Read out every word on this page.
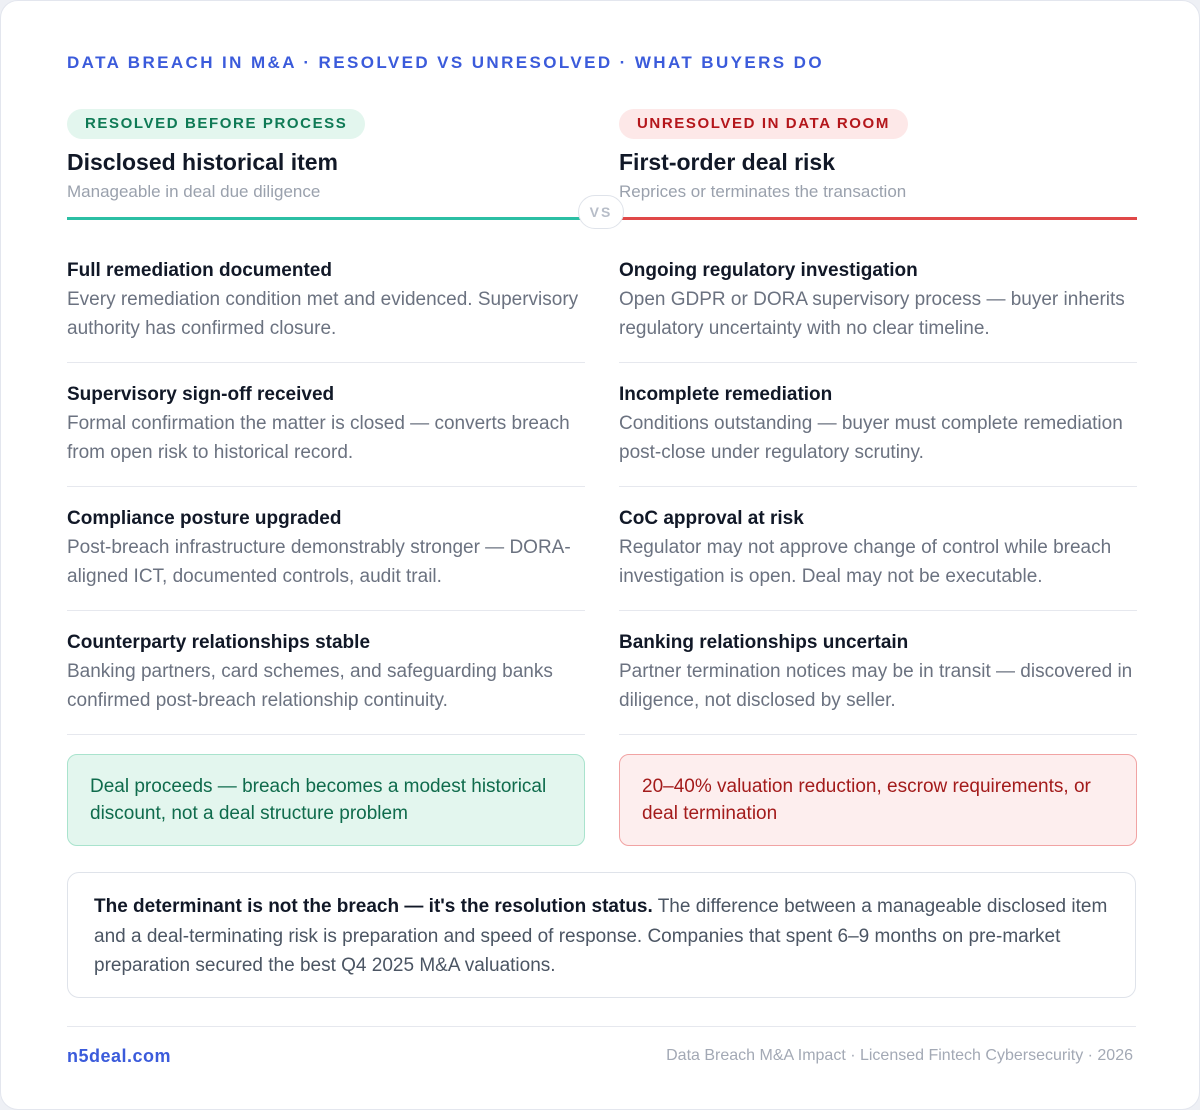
DATA BREACH IN M&A · RESOLVED VS UNRESOLVED · WHAT BUYERS DO
RESOLVED BEFORE PROCESS
Disclosed historical item
Manageable in deal due diligence
UNRESOLVED IN DATA ROOM
First-order deal risk
Reprices or terminates the transaction
VS
Full remediation documented
Every remediation condition met and evidenced. Supervisory authority has confirmed closure.
Supervisory sign-off received
Formal confirmation the matter is closed — converts breach from open risk to historical record.
Compliance posture upgraded
Post-breach infrastructure demonstrably stronger — DORA-aligned ICT, documented controls, audit trail.
Counterparty relationships stable
Banking partners, card schemes, and safeguarding banks confirmed post-breach relationship continuity.
Deal proceeds — breach becomes a modest historical discount, not a deal structure problem
Ongoing regulatory investigation
Open GDPR or DORA supervisory process — buyer inherits regulatory uncertainty with no clear timeline.
Incomplete remediation
Conditions outstanding — buyer must complete remediation post-close under regulatory scrutiny.
CoC approval at risk
Regulator may not approve change of control while breach investigation is open. Deal may not be executable.
Banking relationships uncertain
Partner termination notices may be in transit — discovered in diligence, not disclosed by seller.
20–40% valuation reduction, escrow requirements, or deal termination
The determinant is not the breach — it's the resolution status. The difference between a manageable disclosed item and a deal-terminating risk is preparation and speed of response. Companies that spent 6–9 months on pre-market preparation secured the best Q4 2025 M&A valuations.
n5deal.com	Data Breach M&A Impact · Licensed Fintech Cybersecurity · 2026
